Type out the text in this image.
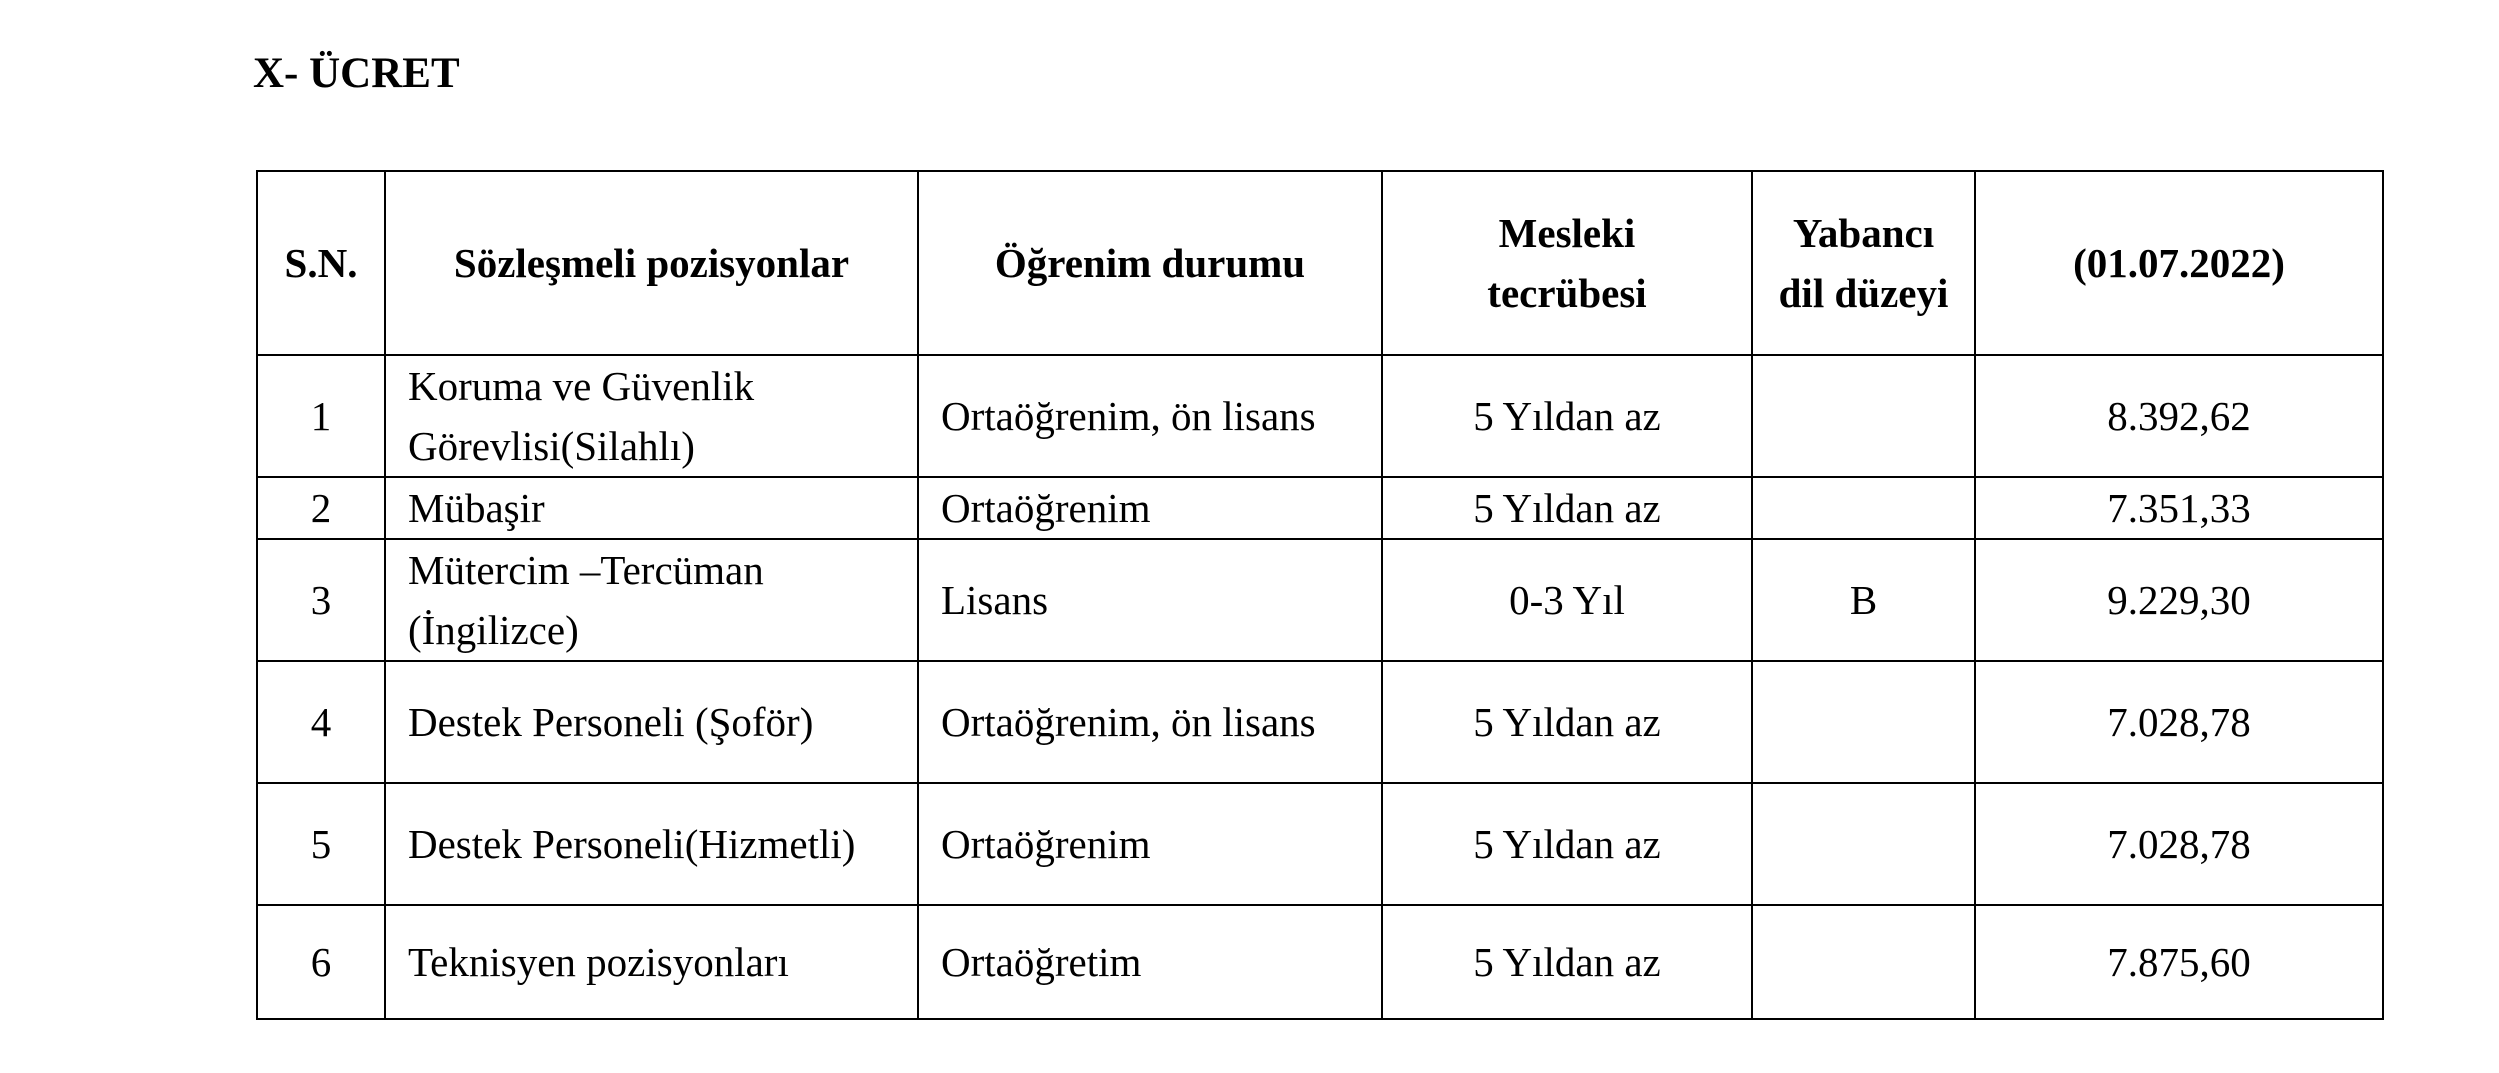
X- ÜCRET
S.N.	Sözleşmeli pozisyonlar	Öğrenim durumu	Mesleki tecrübesi	Yabancı dil düzeyi	(01.07.2022)
1	Koruma ve Güvenlik Görevlisi(Silahlı)	Ortaöğrenim, ön lisans	5 Yıldan az		8.392,62
2	Mübaşir	Ortaöğrenim	5 Yıldan az		7.351,33
3	Mütercim –Tercüman (İngilizce)	Lisans	0-3 Yıl	B	9.229,30
4	Destek Personeli (Şoför)	Ortaöğrenim, ön lisans	5 Yıldan az		7.028,78
5	Destek Personeli(Hizmetli)	Ortaöğrenim	5 Yıldan az		7.028,78
6	Teknisyen pozisyonları	Ortaöğretim	5 Yıldan az		7.875,60
